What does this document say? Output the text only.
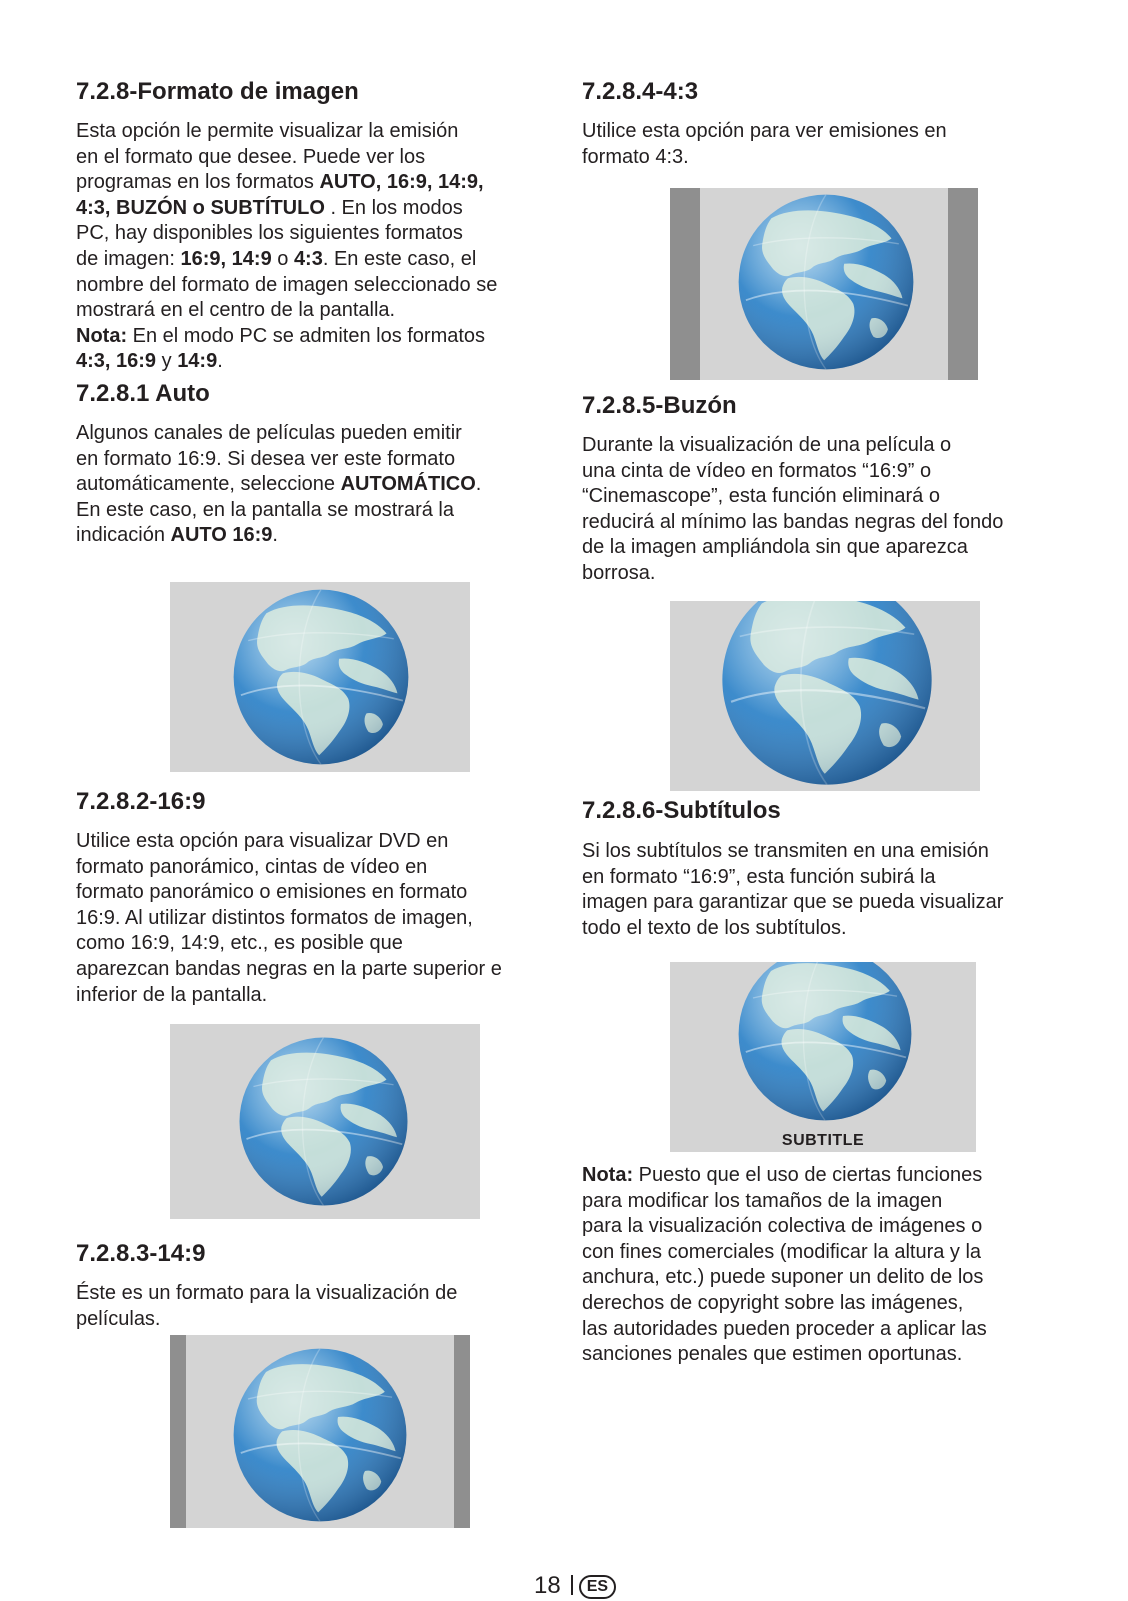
7.2.8-Formato de imagen

Esta opción le permite visualizar la emisión
en el formato que desee. Puede ver los
programas en los formatos AUTO, 16:9, 14:9,
4:3, BUZÓN o SUBTÍTULO . En los modos
PC, hay disponibles los siguientes formatos
de imagen: 16:9, 14:9 o 4:3. En este caso, el
nombre del formato de imagen seleccionado se
mostrará en el centro de la pantalla.
Nota: En el modo PC se admiten los formatos
4:3, 16:9 y 14:9.

7.2.8.1 Auto

Algunos canales de películas pueden emitir
en formato 16:9. Si desea ver este formato
automáticamente, seleccione AUTOMÁTICO.
En este caso, en la pantalla se mostrará la
indicación AUTO 16:9.

7.2.8.2-16:9

Utilice esta opción para visualizar DVD en
formato panorámico, cintas de vídeo en
formato panorámico o emisiones en formato
16:9. Al utilizar distintos formatos de imagen,
como 16:9, 14:9, etc., es posible que
aparezcan bandas negras en la parte superior e
inferior de la pantalla.

7.2.8.3-14:9

Éste es un formato para la visualización de
películas.

7.2.8.4-4:3

Utilice esta opción para ver emisiones en
formato 4:3.

7.2.8.5-Buzón

Durante la visualización de una película o
una cinta de vídeo en formatos “16:9” o
“Cinemascope”, esta función eliminará o
reducirá al mínimo las bandas negras del fondo
de la imagen ampliándola sin que aparezca
borrosa.

7.2.8.6-Subtítulos

Si los subtítulos se transmiten en una emisión
en formato “16:9”, esta función subirá la
imagen para garantizar que se pueda visualizar
todo el texto de los subtítulos.

SUBTITLE

Nota: Puesto que el uso de ciertas funciones
para modificar los tamaños de la imagen
para la visualización colectiva de imágenes o
con fines comerciales (modificar la altura y la
anchura, etc.) puede suponer un delito de los
derechos de copyright sobre las imágenes,
las autoridades pueden proceder a aplicar las
sanciones penales que estimen oportunas.

18 ES
